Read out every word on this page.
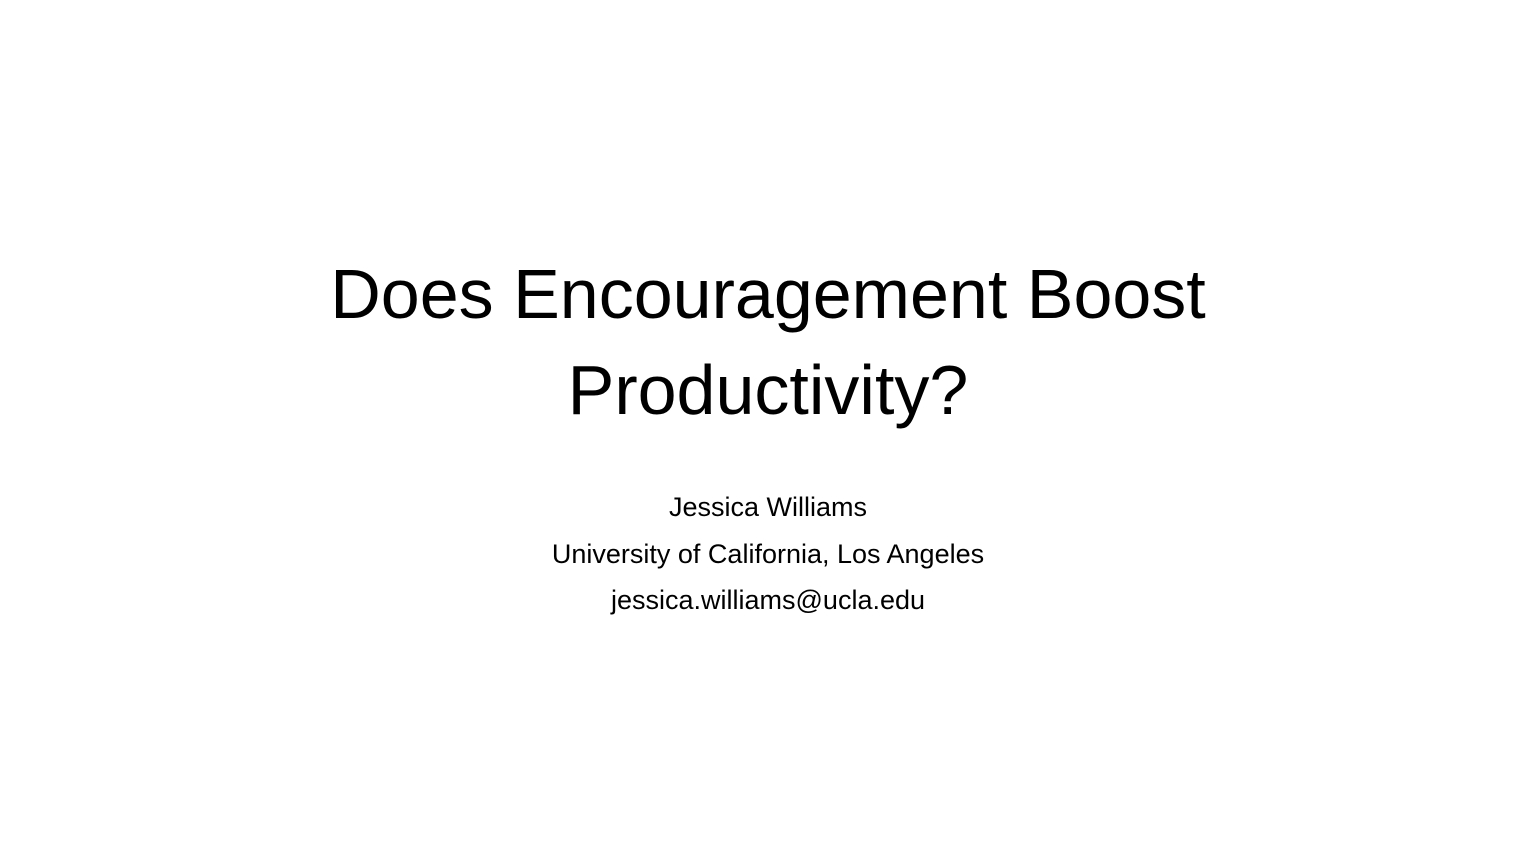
Does Encouragement Boost
Productivity?
Jessica Williams
University of California, Los Angeles
jessica.williams@ucla.edu
